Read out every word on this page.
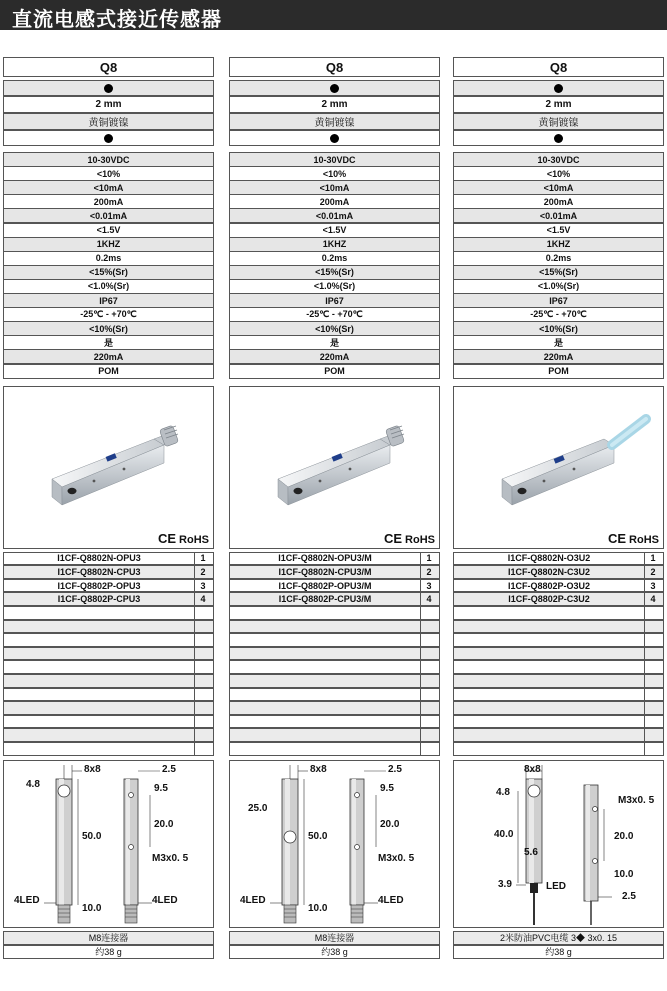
直流电感式接近传感器
Q8
2 mm
黄铜镀镍
10-30VDC
<10%
<10mA
200mA
<0.01mA
<1.5V
1KHZ
0.2ms
<15%(Sr)
<1.0%(Sr)
IP67
-25℃ - +70℃
<10%(Sr)
是
220mA
POM
CE RoHS
I1CF-Q8802N-OPU3	1
I1CF-Q8802N-CPU3	2
I1CF-Q8802P-OPU3	3
I1CF-Q8802P-CPU3	4
8x8	2.5
4.8	9.5
20.0
50.0
M3x0. 5
4LED	4LED
10.0
M8连接器
约38 g
Q8
2 mm
黄铜镀镍
10-30VDC
<10%
<10mA
200mA
<0.01mA
<1.5V
1KHZ
0.2ms
<15%(Sr)
<1.0%(Sr)
IP67
-25℃ - +70℃
<10%(Sr)
是
220mA
POM
CE RoHS
I1CF-Q8802N-OPU3/M	1
I1CF-Q8802N-CPU3/M	2
I1CF-Q8802P-OPU3/M	3
I1CF-Q8802P-CPU3/M	4
8x8	2.5
25.0
9.5
20.0
50.0
M3x0. 5
4LED	4LED
10.0
M8连接器
约38 g
Q8
2 mm
黄铜镀镍
10-30VDC
<10%
<10mA
200mA
<0.01mA
<1.5V
1KHZ
0.2ms
<15%(Sr)
<1.0%(Sr)
IP67
-25℃ - +70℃
<10%(Sr)
是
220mA
POM
CE RoHS
I1CF-Q8802N-O3U2	1
I1CF-Q8802N-C3U2	2
I1CF-Q8802P-O3U2	3
I1CF-Q8802P-C3U2	4
8x8
4.8
M3x0. 5
40.0	20.0
5.6
10.0
3.9	LED
2.5
2米防油PVC电缆 3◆ 3x0. 15
约38 g
